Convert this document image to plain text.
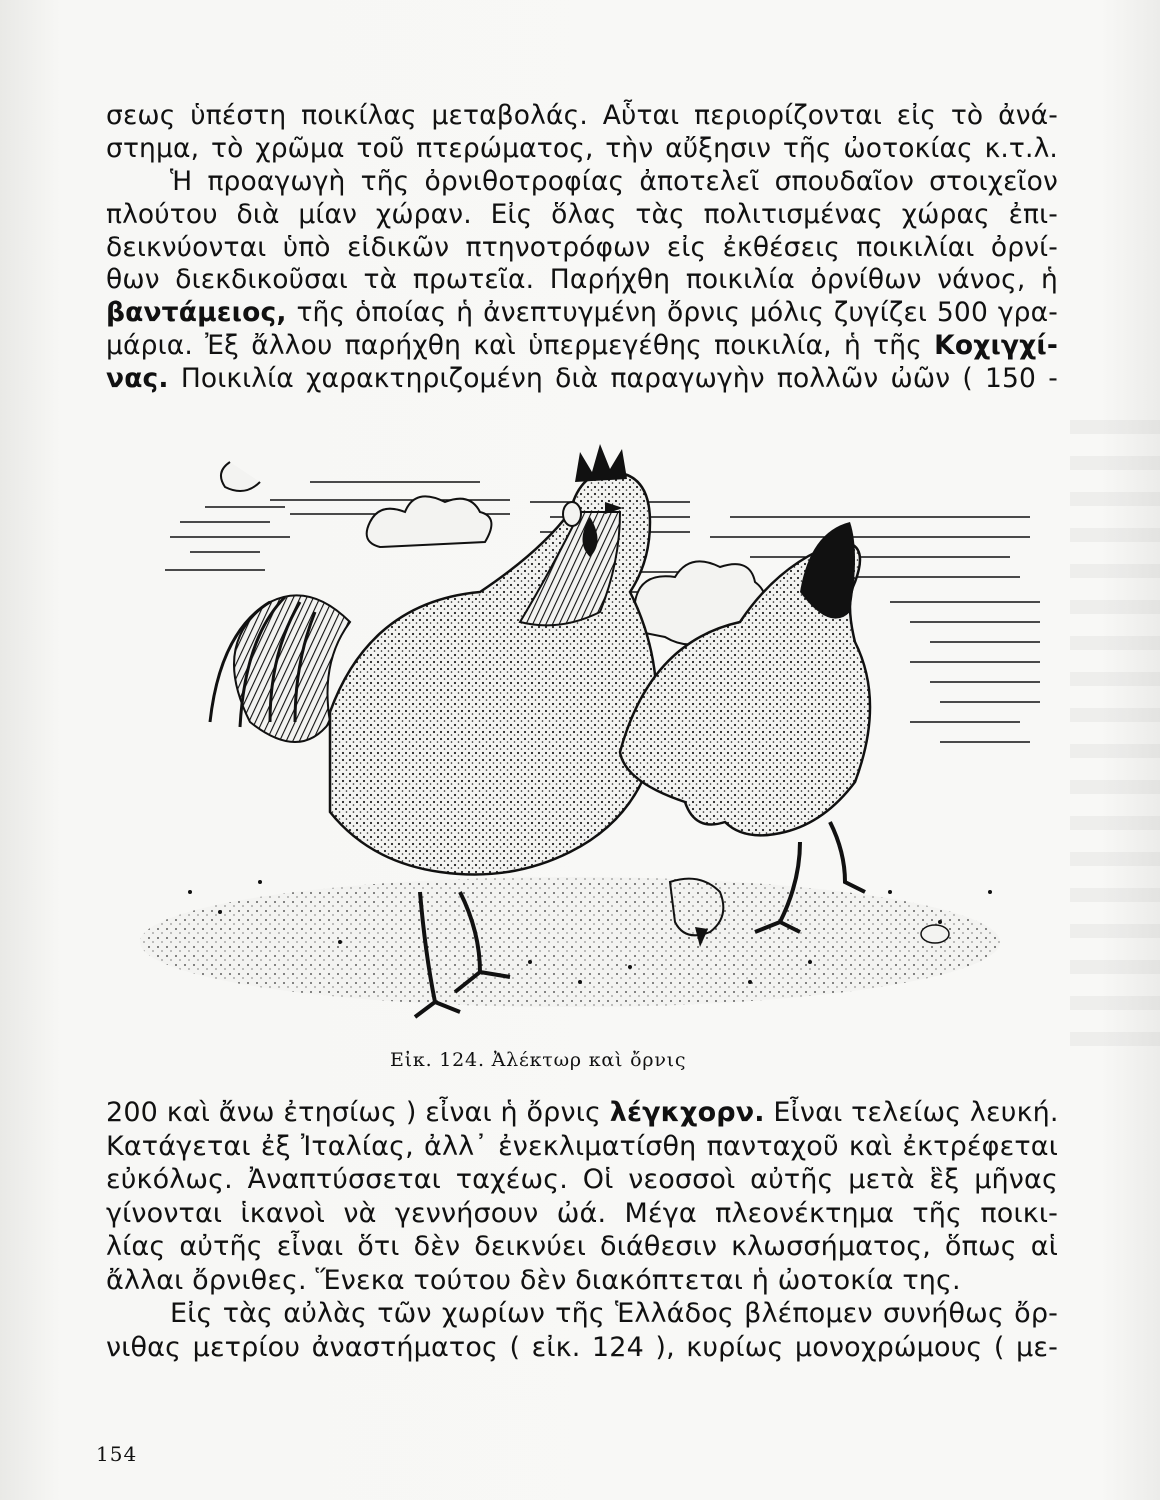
σεως ὑπέστη ποικίλας μεταβολάς. Αὗται περιορίζονται εἰς τὸ ἀνά-
στημα, τὸ χρῶμα τοῦ πτερώματος, τὴν αὔξησιν τῆς ὠοτοκίας κ.τ.λ.
Ἡ προαγωγὴ τῆς ὀρνιθοτροφίας ἀποτελεῖ σπουδαῖον στοιχεῖον
πλούτου διὰ μίαν χώραν. Εἰς ὅλας τὰς πολιτισμένας χώρας ἐπι-
δεικνύονται ὑπὸ εἰδικῶν πτηνοτρόφων εἰς ἐκθέσεις ποικιλίαι ὀρνί-
θων διεκδικοῦσαι τὰ πρωτεῖα. Παρήχθη ποικιλία ὀρνίθων νάνος, ἡ
βαντάμειος, τῆς ὁποίας ἡ ἀνεπτυγμένη ὄρνις μόλις ζυγίζει 500 γρα-
μάρια. Ἐξ ἄλλου παρήχθη καὶ ὑπερμεγέθης ποικιλία, ἡ τῆς Κοχιγχί-
νας. Ποικιλία χαρακτηριζομένη διὰ παραγωγὴν πολλῶν ὠῶν ( 150 -
Εἰκ. 124. Ἀλέκτωρ καὶ ὄρνις
200 καὶ ἄνω ἐτησίως ) εἶναι ἡ ὄρνις λέγκχορν. Εἶναι τελείως λευκή.
Κατάγεται ἐξ Ἰταλίας, ἀλλ᾽ ἐνεκλιματίσθη πανταχοῦ καὶ ἐκτρέφεται
εὐκόλως. Ἀναπτύσσεται ταχέως. Οἱ νεοσσοὶ αὐτῆς μετὰ ἓξ μῆνας
γίνονται ἱκανοὶ νὰ γεννήσουν ὠά. Μέγα πλεονέκτημα τῆς ποικι-
λίας αὐτῆς εἶναι ὅτι δὲν δεικνύει διάθεσιν κλωσσήματος, ὅπως αἱ
ἄλλαι ὄρνιθες. Ἕνεκα τούτου δὲν διακόπτεται ἡ ὠοτοκία της.
Εἰς τὰς αὐλὰς τῶν χωρίων τῆς Ἑλλάδος βλέπομεν συνήθως ὄρ-
νιθας μετρίου ἀναστήματος ( εἰκ. 124 ), κυρίως μονοχρώμους ( με-
154
